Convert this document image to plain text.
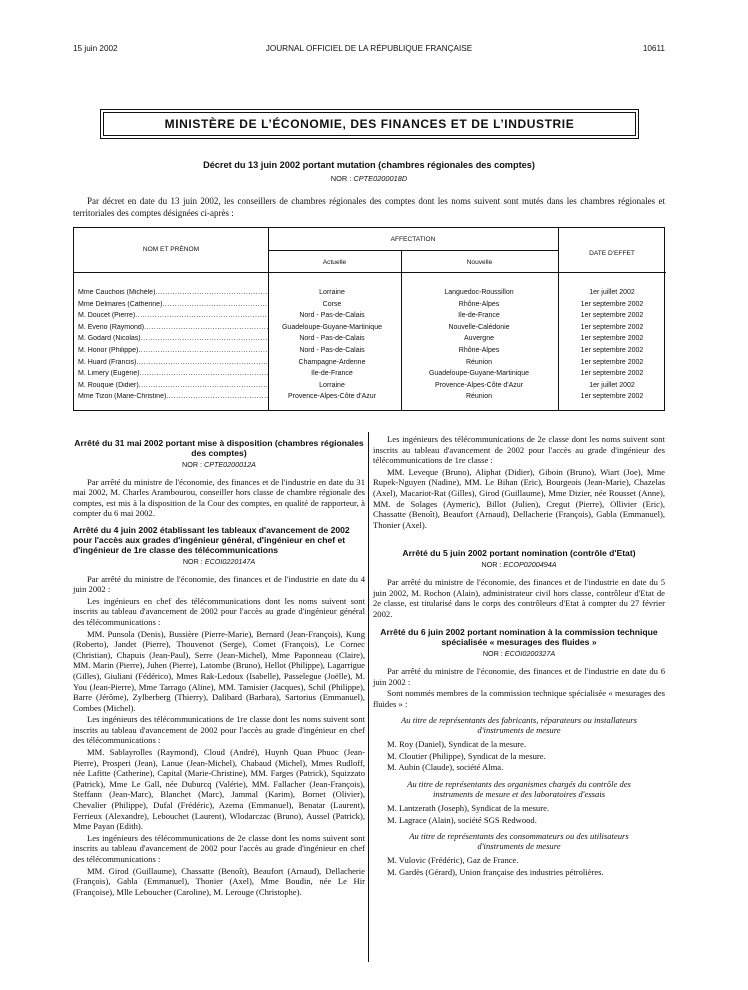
15 juin 2002	JOURNAL OFFICIEL DE LA RÉPUBLIQUE FRANÇAISE	10611
MINISTÈRE DE L’ÉCONOMIE, DES FINANCES ET DE L’INDUSTRIE
Décret du 13 juin 2002 portant mutation (chambres régionales des comptes)
NOR : CPTE0200018D
Par décret en date du 13 juin 2002, les conseillers de chambres régionales des comptes dont les noms suivent sont mutés dans les chambres régionales et territoriales des comptes désignées ci-après :
NOM ET PRÉNOM
AFFECTATION
Actuelle	Nouvelle
DATE D'EFFET
Mme Cauchois (Michèle) .....	Lorraine	Languedoc-Roussillon	1er juillet 2002
Mme Delmares (Catherine) .....	Corse	Rhône-Alpes	1er septembre 2002
M. Doucet (Pierre) .....	Nord - Pas-de-Calais	Ile-de-France	1er septembre 2002
M. Eveno (Raymond) .....	Guadeloupe-Guyane-Martinique	Nouvelle-Calédonie	1er septembre 2002
M. Godard (Nicolas) .....	Nord - Pas-de-Calais	Auvergne	1er septembre 2002
M. Honor (Philippe) .....	Nord - Pas-de-Calais	Rhône-Alpes	1er septembre 2002
M. Huard (Francis) .....	Champagne-Ardenne	Réunion	1er septembre 2002
M. Limery (Eugène) .....	Ile-de-France	Guadeloupe-Guyane-Martinique	1er septembre 2002
M. Rouquie (Didier) .....	Lorraine	Provence-Alpes-Côte d'Azur	1er juillet 2002
Mme Tizon (Marie-Christine) .....	Provence-Alpes-Côte d'Azur	Réunion	1er septembre 2002
Arrêté du 31 mai 2002 portant mise à disposition (chambres régionales des comptes)
NOR : CPTE0200012A

Par arrêté du ministre de l'économie, des finances et de l'industrie en date du 31 mai 2002, M. Charles Arambourou, conseiller hors classe de chambre régionale des comptes, est mis à la disposition de la Cour des comptes, en qualité de rapporteur, à compter du 6 mai 2002.

Arrêté du 4 juin 2002 établissant les tableaux d'avancement de 2002 pour l'accès aux grades d'ingénieur général, d'ingénieur en chef et d'ingénieur de 1re classe des télécommunications
NOR : ECOI0220147A

Par arrêté du ministre de l'économie, des finances et de l'industrie en date du 4 juin 2002 :

Les ingénieurs en chef des télécommunications dont les noms suivent sont inscrits au tableau d'avancement de 2002 pour l'accès au grade d'ingénieur général des télécommunications :

MM. Punsola (Denis), Bussière (Pierre-Marie), Bernard (Jean-François), Kung (Roberto), Jandet (Pierre), Thouvenot (Serge), Comet (François), Le Cornec (Christian), Chapuis (Jean-Paul), Serre (Jean-Michel), Mme Paponneau (Claire), MM. Marin (Pierre), Juhen (Pierre), Latombe (Bruno), Hellot (Philippe), Lagarrigue (Gilles), Giuliani (Fédérico), Mmes Rak-Ledoux (Isabelle), Passelegue (Joëlle), M. You (Jean-Pierre), Mme Tarrago (Aline), MM. Tamisier (Jacques), Schil (Philippe), Barre (Jérôme), Zylberberg (Thierry), Dalibard (Barbara), Sartorius (Emmanuel), Combes (Michel).

Les ingénieurs des télécommunications de 1re classe dont les noms suivent sont inscrits au tableau d'avancement de 2002 pour l'accès au grade d'ingénieur en chef des télécommunications :

MM. Sablayrolles (Raymond), Cloud (André), Huynh Quan Phuoc (Jean-Pierre), Prosperi (Jean), Lanue (Jean-Michel), Chabaud (Michel), Mmes Rudloff, née Lafitte (Catherine), Capital (Marie-Christine), MM. Farges (Patrick), Squizzato (Patrick), Mme Le Gall, née Duburcq (Valérie), MM. Fallacher (Jean-François), Steffann (Jean-Marc), Blanchet (Marc), Jammal (Karim), Bornet (Olivier), Chevalier (Philippe), Dufal (Frédéric), Azema (Emmanuel), Benatar (Laurent), Ferrieux (Alexandre), Lebouchet (Laurent), Wlodarczac (Bruno), Aussel (Patrick), Mme Payan (Edith).

Les ingénieurs des télécommunications de 2e classe dont les noms suivent sont inscrits au tableau d'avancement de 2002 pour l'accès au grade d'ingénieur en chef des télécommunications :

MM. Girod (Guillaume), Chassatte (Benoît), Beaufort (Arnaud), Dellacherie (François), Gabla (Emmanuel), Thonier (Axel), Mme Boudin, née Le Hir (Françoise), Mlle Leboucher (Caroline), M. Lerouge (Christophe).

Les ingénieurs des télécommunications de 2e classe dont les noms suivent sont inscrits au tableau d'avancement de 2002 pour l'accès au grade d'ingénieur des télécommunications de 1re classe :

MM. Leveque (Bruno), Aliphat (Didier), Giboin (Bruno), Wiart (Joe), Mme Rupek-Nguyen (Nadine), MM. Le Bihan (Eric), Bourgeois (Jean-Marie), Chazelas (Axel), Macariot-Rat (Gilles), Girod (Guillaume), Mme Dizier, née Rousset (Anne), MM. de Solages (Aymeric), Billot (Julien), Cregut (Pierre), Ollivier (Eric), Chassatte (Benoît), Beaufort (Arnaud), Dellacherie (François), Gabla (Emmanuel), Thonier (Axel).

Arrêté du 5 juin 2002 portant nomination (contrôle d'Etat)
NOR : ECOP0200494A

Par arrêté du ministre de l'économie, des finances et de l'industrie en date du 5 juin 2002, M. Rochon (Alain), administrateur civil hors classe, contrôleur d'Etat de 2e classe, est titularisé dans le corps des contrôleurs d'Etat à compter du 27 février 2002.

Arrêté du 6 juin 2002 portant nomination à la commission technique spécialisée « mesurages des fluides »
NOR : ECOI0200327A

Par arrêté du ministre de l'économie, des finances et de l'industrie en date du 6 juin 2002 :

Sont nommés membres de la commission technique spécialisée « mesurages des fluides » :

Au titre de représentants des fabricants, réparateurs ou installateurs d'instruments de mesure

M. Roy (Daniel), Syndicat de la mesure.

M. Cloutier (Philippe), Syndicat de la mesure.

M. Aubin (Claude), société Alma.

Au titre de représentants des organismes chargés du contrôle des instruments de mesure et des laboratoires d'essais

M. Lantzerath (Joseph), Syndicat de la mesure.

M. Lagrace (Alain), société SGS Redwood.

Au titre de représentants des consommateurs ou des utilisateurs d'instruments de mesure

M. Vulovic (Frédéric), Gaz de France.

M. Gardès (Gérard), Union française des industries pétrolières.
